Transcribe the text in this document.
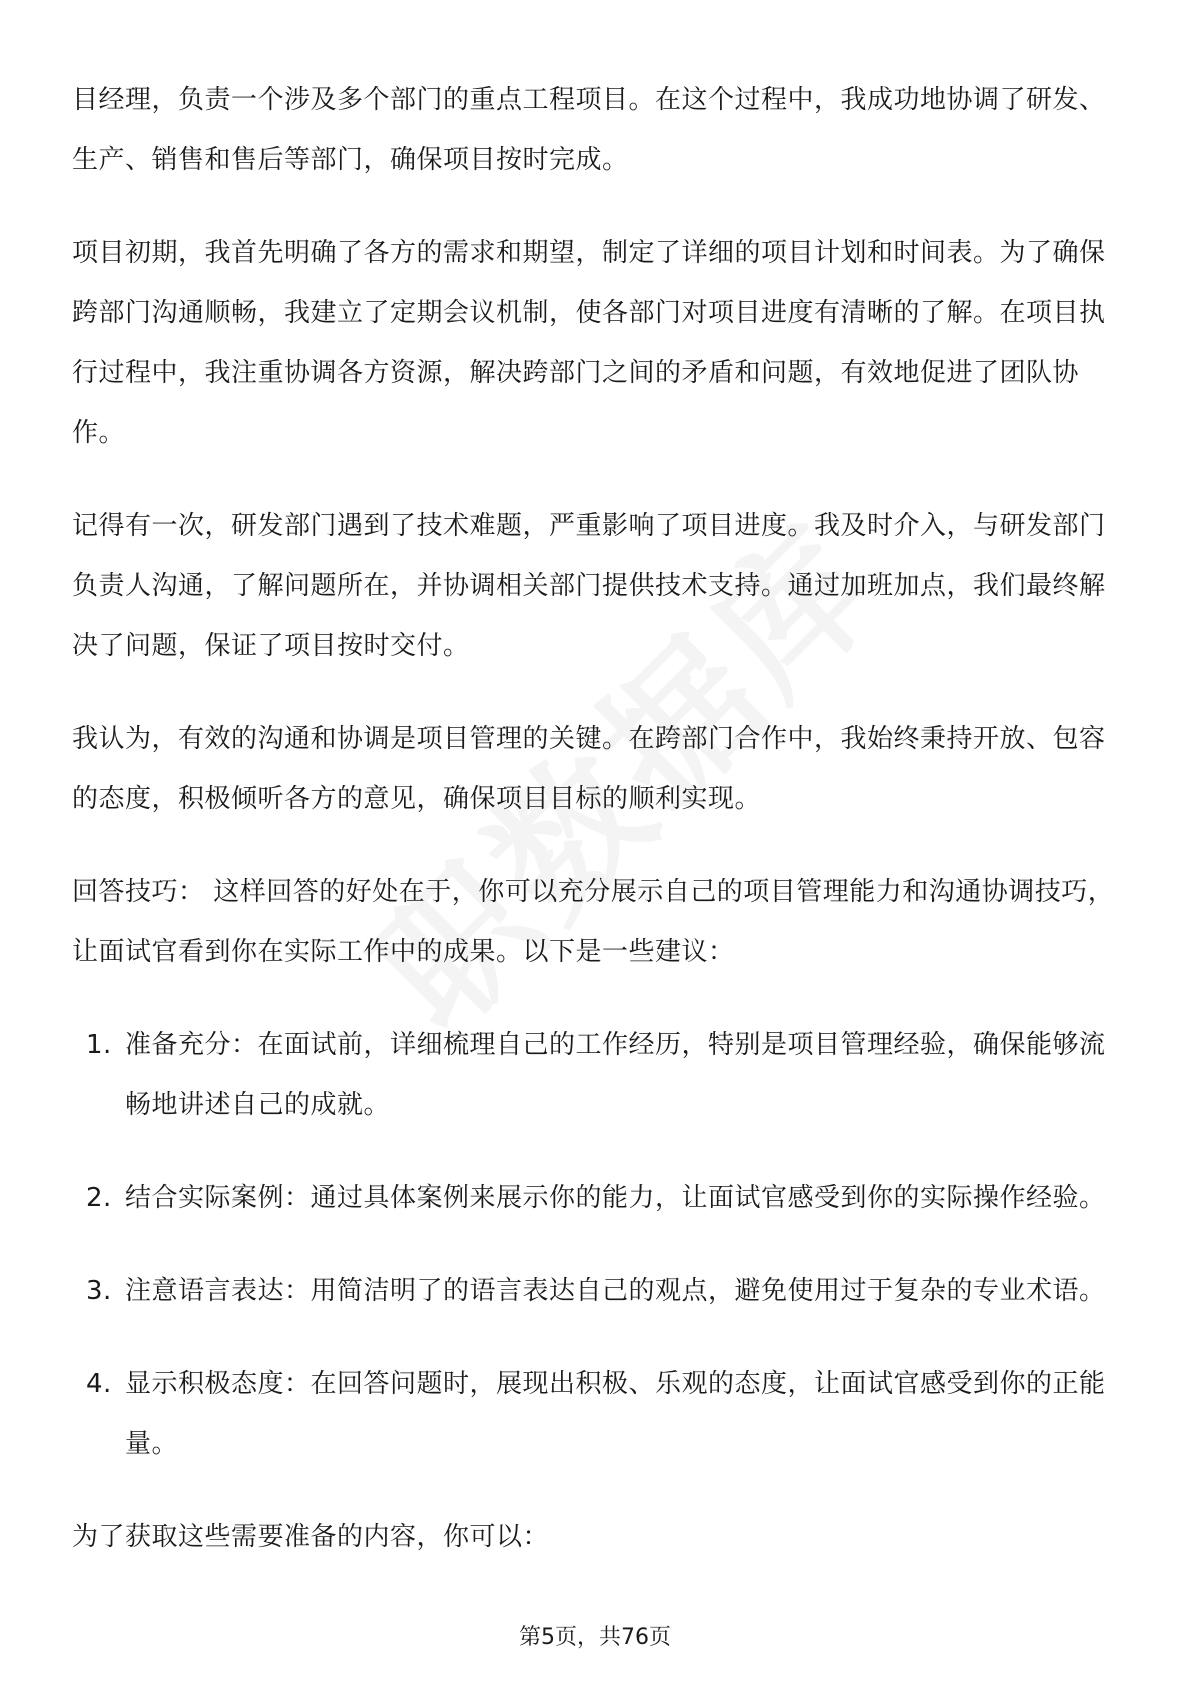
目经理，负责一个涉及多个部门的重点工程项目。在这个过程中，我成功地协调了研发、生产、销售和售后等部门，确保项目按时完成。

项目初期，我首先明确了各方的需求和期望，制定了详细的项目计划和时间表。为了确保跨部门沟通顺畅，我建立了定期会议机制，使各部门对项目进度有清晰的了解。在项目执行过程中，我注重协调各方资源，解决跨部门之间的矛盾和问题，有效地促进了团队协作。

记得有一次，研发部门遇到了技术难题，严重影响了项目进度。我及时介入，与研发部门负责人沟通，了解问题所在，并协调相关部门提供技术支持。通过加班加点，我们最终解决了问题，保证了项目按时交付。

我认为，有效的沟通和协调是项目管理的关键。在跨部门合作中，我始终秉持开放、包容的态度，积极倾听各方的意见，确保项目目标的顺利实现。

回答技巧： 这样回答的好处在于，你可以充分展示自己的项目管理能力和沟通协调技巧，让面试官看到你在实际工作中的成果。以下是一些建议：

1. 准备充分：在面试前，详细梳理自己的工作经历，特别是项目管理经验，确保能够流畅地讲述自己的成就。
2. 结合实际案例：通过具体案例来展示你的能力，让面试官感受到你的实际操作经验。
3. 注意语言表达：用简洁明了的语言表达自己的观点，避免使用过于复杂的专业术语。
4. 显示积极态度：在回答问题时，展现出积极、乐观的态度，让面试官感受到你的正能量。

为了获取这些需要准备的内容，你可以：

第5页，共76页
